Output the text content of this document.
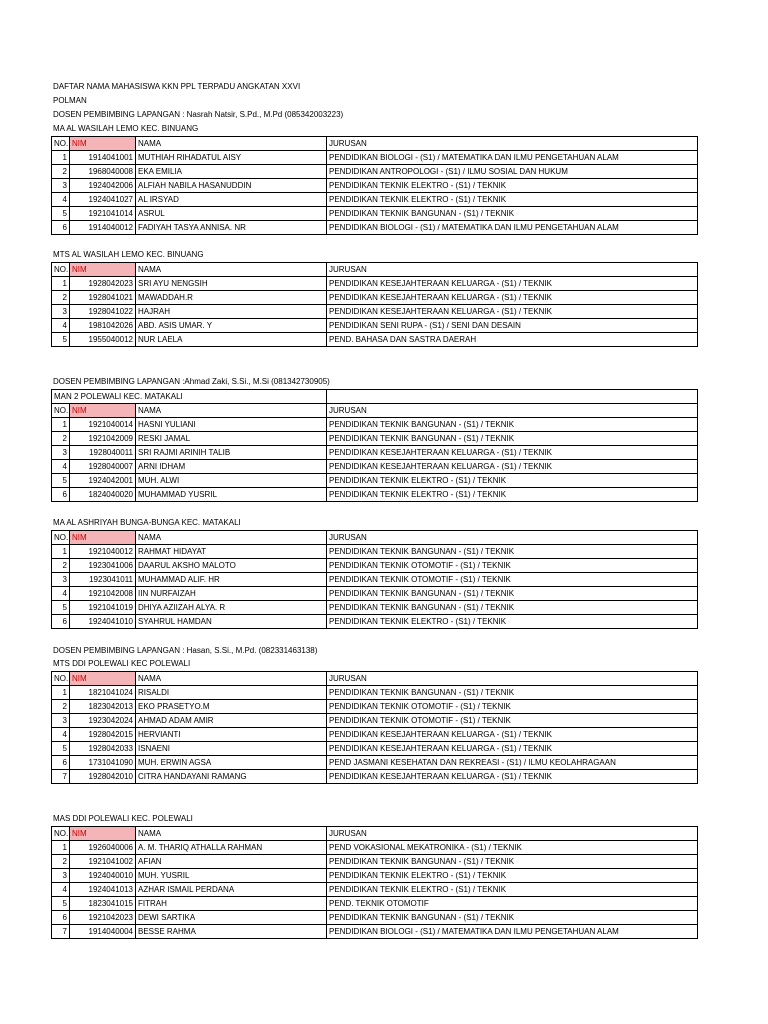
DAFTAR NAMA MAHASISWA KKN PPL TERPADU ANGKATAN XXVI
POLMAN
DOSEN PEMBIMBING LAPANGAN : Nasrah Natsir, S.Pd., M.Pd (085342003223)
MA AL WASILAH LEMO KEC. BINUANG
NO.	NIM	NAMA	JURUSAN
1	1914041001	MUTHIAH RIHADATUL AISY	PENDIDIKAN BIOLOGI - (S1) / MATEMATIKA DAN ILMU PENGETAHUAN ALAM
2	1968040008	EKA EMILIA	PENDIDIKAN ANTROPOLOGI - (S1) / ILMU SOSIAL DAN HUKUM
3	1924042006	ALFIAH NABILA HASANUDDIN	PENDIDIKAN TEKNIK ELEKTRO - (S1) / TEKNIK
4	1924041027	AL IRSYAD	PENDIDIKAN TEKNIK ELEKTRO - (S1) / TEKNIK
5	1921041014	ASRUL	PENDIDIKAN TEKNIK BANGUNAN - (S1) / TEKNIK
6	1914040012	FADIYAH TASYA ANNISA. NR	PENDIDIKAN BIOLOGI - (S1) / MATEMATIKA DAN ILMU PENGETAHUAN ALAM
MTS AL WASILAH LEMO KEC. BINUANG
NO.	NIM	NAMA	JURUSAN
1	1928042023	SRI AYU NENGSIH	PENDIDIKAN KESEJAHTERAAN KELUARGA - (S1) / TEKNIK
2	1928041021	MAWADDAH.R	PENDIDIKAN KESEJAHTERAAN KELUARGA - (S1) / TEKNIK
3	1928041022	HAJRAH	PENDIDIKAN KESEJAHTERAAN KELUARGA - (S1) / TEKNIK
4	1981042026	ABD. ASIS UMAR. Y	PENDIDIKAN SENI RUPA - (S1) / SENI DAN DESAIN
5	1955040012	NUR LAELA	PEND. BAHASA DAN SASTRA DAERAH
DOSEN PEMBIMBING LAPANGAN :Ahmad Zaki, S.Si., M.Si (081342730905)
MAN 2 POLEWALI KEC. MATAKALI			
NO.	NIM	NAMA	JURUSAN
1	1921040014	HASNI YULIANI	PENDIDIKAN TEKNIK BANGUNAN - (S1) / TEKNIK
2	1921042009	RESKI JAMAL	PENDIDIKAN TEKNIK BANGUNAN - (S1) / TEKNIK
3	1928040011	SRI RAJMI ARINIH TALIB	PENDIDIKAN KESEJAHTERAAN KELUARGA - (S1) / TEKNIK
4	1928040007	ARNI IDHAM	PENDIDIKAN KESEJAHTERAAN KELUARGA - (S1) / TEKNIK
5	1924042001	MUH. ALWI	PENDIDIKAN TEKNIK ELEKTRO - (S1) / TEKNIK
6	1824040020	MUHAMMAD YUSRIL	PENDIDIKAN TEKNIK ELEKTRO - (S1) / TEKNIK
MA AL ASHRIYAH BUNGA-BUNGA KEC. MATAKALI
NO.	NIM	NAMA	JURUSAN
1	1921040012	RAHMAT HIDAYAT	PENDIDIKAN TEKNIK BANGUNAN - (S1) / TEKNIK
2	1923041006	DAARUL AKSHO MALOTO	PENDIDIKAN TEKNIK OTOMOTIF - (S1) / TEKNIK
3	1923041011	MUHAMMAD ALIF. HR	PENDIDIKAN TEKNIK OTOMOTIF - (S1) / TEKNIK
4	1921042008	IIN NURFAIZAH	PENDIDIKAN TEKNIK BANGUNAN - (S1) / TEKNIK
5	1921041019	DHIYA AZIIZAH ALYA. R	PENDIDIKAN TEKNIK BANGUNAN - (S1) / TEKNIK
6	1924041010	SYAHRUL HAMDAN	PENDIDIKAN TEKNIK ELEKTRO - (S1) / TEKNIK
DOSEN PEMBIMBING LAPANGAN : Hasan, S.Si., M.Pd. (082331463138)
MTS DDI POLEWALI KEC POLEWALI
NO.	NIM	NAMA	JURUSAN
1	1821041024	RISALDI	PENDIDIKAN TEKNIK BANGUNAN - (S1) / TEKNIK
2	1823042013	EKO PRASETYO.M	PENDIDIKAN TEKNIK OTOMOTIF - (S1) / TEKNIK
3	1923042024	AHMAD ADAM AMIR	PENDIDIKAN TEKNIK OTOMOTIF - (S1) / TEKNIK
4	1928042015	HERVIANTI	PENDIDIKAN KESEJAHTERAAN KELUARGA - (S1) / TEKNIK
5	1928042033	ISNAENI	PENDIDIKAN KESEJAHTERAAN KELUARGA - (S1) / TEKNIK
6	1731041090	MUH. ERWIN AGSA	PEND JASMANI KESEHATAN DAN REKREASI - (S1) / ILMU KEOLAHRAGAAN
7	1928042010	CITRA HANDAYANI RAMANG	PENDIDIKAN KESEJAHTERAAN KELUARGA - (S1) / TEKNIK
MAS DDI POLEWALI KEC. POLEWALI
NO.	NIM	NAMA	JURUSAN
1	1926040006	A. M. THARIQ ATHALLA RAHMAN	PEND VOKASIONAL MEKATRONIKA - (S1) / TEKNIK
2	1921041002	AFIAN	PENDIDIKAN TEKNIK BANGUNAN - (S1) / TEKNIK
3	1924040010	MUH. YUSRIL	PENDIDIKAN TEKNIK ELEKTRO - (S1) / TEKNIK
4	1924041013	AZHAR ISMAIL PERDANA	PENDIDIKAN TEKNIK ELEKTRO - (S1) / TEKNIK
5	1823041015	FITRAH	PEND. TEKNIK OTOMOTIF
6	1921042023	DEWI SARTIKA	PENDIDIKAN TEKNIK BANGUNAN - (S1) / TEKNIK
7	1914040004	BESSE RAHMA	PENDIDIKAN BIOLOGI - (S1) / MATEMATIKA DAN ILMU PENGETAHUAN ALAM
